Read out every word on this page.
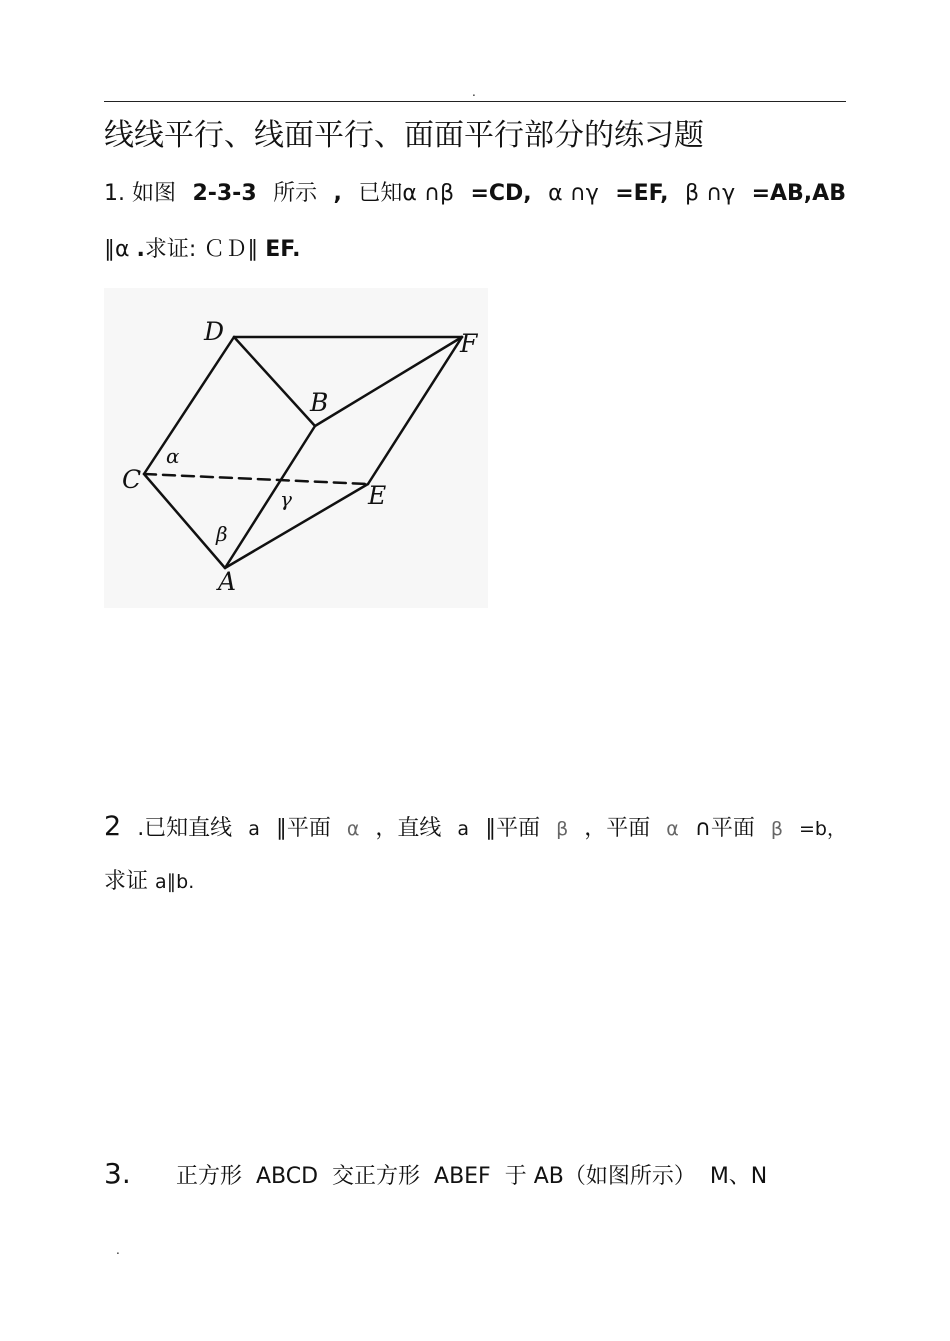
.
线线平行、线面平行、面面平行部分的练习题
1. 如图 2-3-3 所示 , 已知α ∩β =CD, α ∩γ =EF, β ∩γ =AB,AB
∥α .求证: ＣＤ∥ EF.
D	F
B
C
E
A
α
β
γ
2 .已知直线 a ∥平面 α ，直线 a ∥平面 β ，平面 α ∩平面 β =b，
求证 a∥b.
3. 正方形  ABCD  交正方形  ABEF  于 AB（如图所示）  M、N
.
